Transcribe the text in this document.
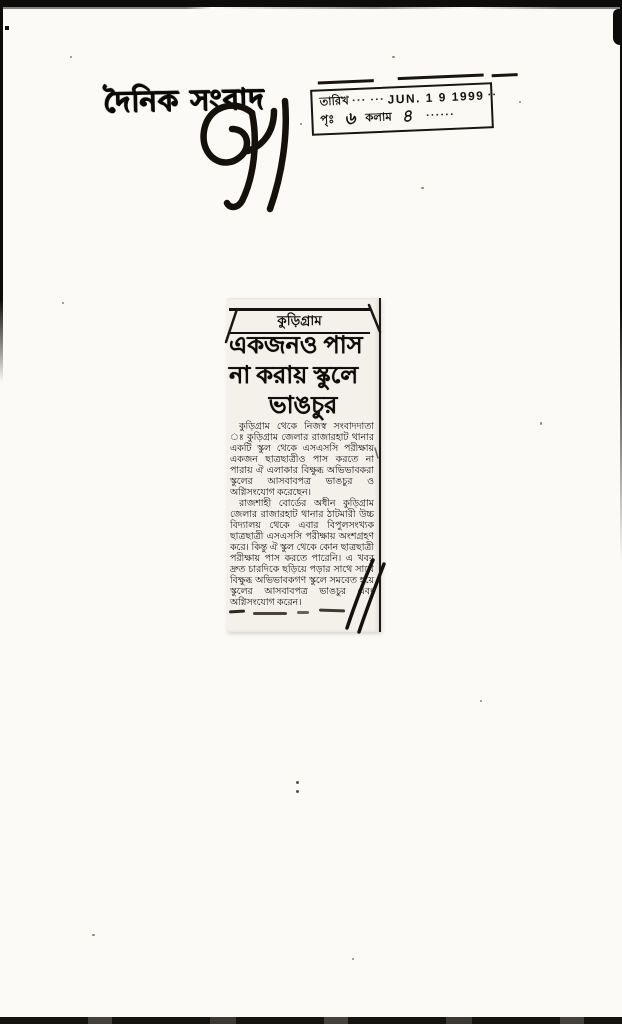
দৈনিক সংবাদ	তারিখ ··· ··· JUN. 1 9 1999 ··
পৃঃ ৬ কলাম ৪ ······
কুড়িগ্রাম
একজনও পাস
না করায় স্কুলে
ভাঙচুর

কুড়িগ্রাম থেকে নিজস্ব সংবাদদাতা ঃ কুড়িগ্রাম জেলার রাজারহাট থানার একটি স্কুল থেকে এসএসসি পরীক্ষায় একজন ছাত্রছাত্রীও পাস করতে না পারায় ঐ এলাকার বিক্ষুব্ধ অভিভাবকরা স্কুলের আসবাবপত্র ভাঙচুর ও অগ্নিসংযোগ করেছেন।

রাজশাহী বোর্ডের অধীন কুড়িগ্রাম জেলার রাজারহাট থানার ঠাটমারী উচ্চ বিদ্যালয় থেকে এবার বিপুলসংখ্যক ছাত্রছাত্রী এসএসসি পরীক্ষায় অংশগ্রহণ করে। কিন্তু ঐ স্কুল থেকে কোন ছাত্রছাত্রী পরীক্ষায় পাস করতে পারেনি। এ খবর দ্রুত চারদিকে ছড়িয়ে পড়ার সাথে সাথে বিক্ষুব্ধ অভিভাবকগণ স্কুলে সমবেত হয়ে স্কুলের আসবাবপত্র ভাঙচুর এবং অগ্নিসংযোগ করেন।
